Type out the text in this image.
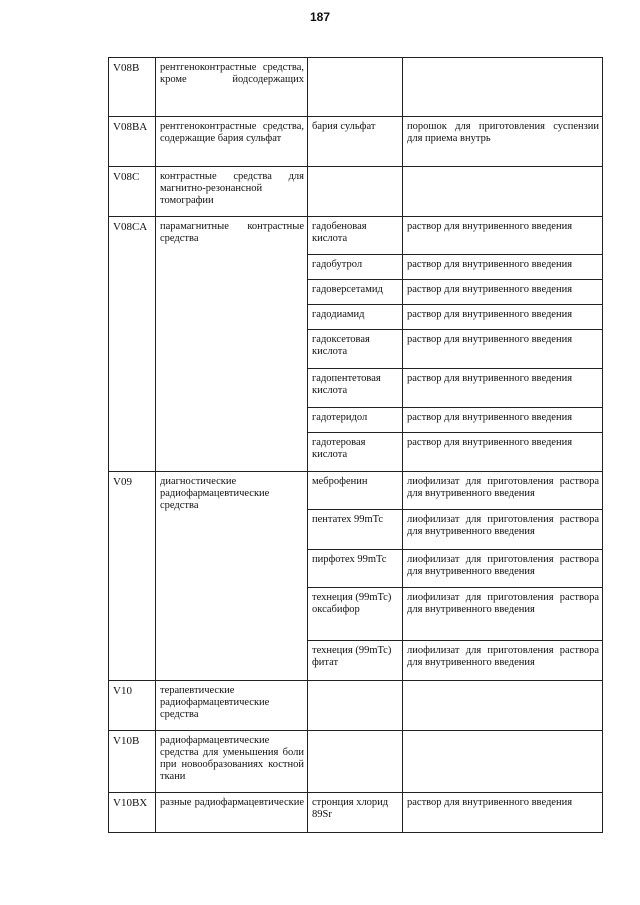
187
V08B	рентгеноконтрастные средства, кроме йодсодержащих		
V08BA	рентгеноконтрастные средства, содержащие бария сульфат	бария сульфат	порошок для приготовления суспензии для приема внутрь
V08C	контрастные средства для магнитно-резонансной томографии		
V08CA	парамагнитные контрастные средства	гадобеновая кислота	раствор для внутривенного введения
		гадобутрол	раствор для внутривенного введения
		гадоверсетамид	раствор для внутривенного введения
		гадодиамид	раствор для внутривенного введения
		гадоксетовая кислота	раствор для внутривенного введения
		гадопентетовая кислота	раствор для внутривенного введения
		гадотеридол	раствор для внутривенного введения
		гадотеровая кислота	раствор для внутривенного введения
V09	диагностические радиофармацевтические средства	меброфенин	лиофилизат для приготовления раствора для внутривенного введения
		пентатех 99mTc	лиофилизат для приготовления раствора для внутривенного введения
		пирфотех 99mTc	лиофилизат для приготовления раствора для внутривенного введения
		технеция (99mTc) оксабифор	лиофилизат для приготовления раствора для внутривенного введения
		технеция (99mTc) фитат	лиофилизат для приготовления раствора для внутривенного введения
V10	терапевтические радиофармацевтические средства		
V10B	радиофармацевтические средства для уменьшения боли при новообразованиях костной ткани		
V10BX	разные радиофармацевтические	стронция хлорид 89Sr	раствор для внутривенного введения
